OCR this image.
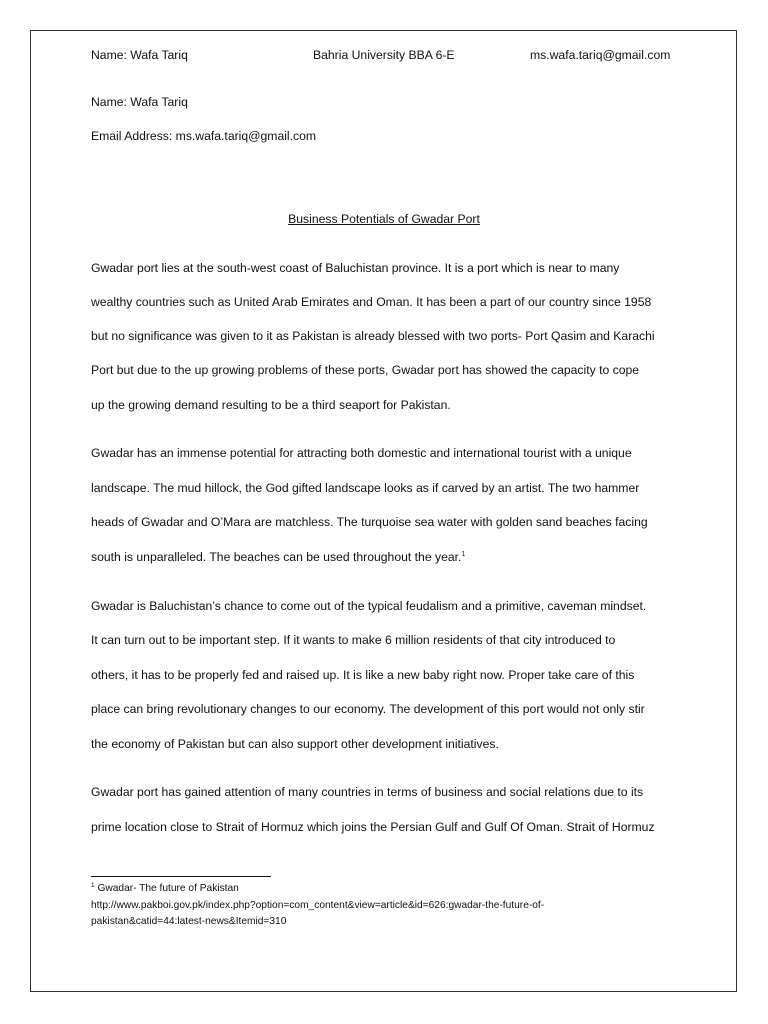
Name: Wafa Tariq	Bahria University BBA 6-E	ms.wafa.tariq@gmail.com
Name: Wafa Tariq
Email Address: ms.wafa.tariq@gmail.com
Business Potentials of Gwadar Port
Gwadar port lies at the south-west coast of Baluchistan province. It is a port which is near to many
wealthy countries such as United Arab Emirates and Oman. It has been a part of our country since 1958
but no significance was given to it as Pakistan is already blessed with two ports- Port Qasim and Karachi
Port but due to the up growing problems of these ports, Gwadar port has showed the capacity to cope
up the growing demand resulting to be a third seaport for Pakistan.
Gwadar has an immense potential for attracting both domestic and international tourist with a unique
landscape. The mud hillock, the God gifted landscape looks as if carved by an artist. The two hammer
heads of Gwadar and O’Mara are matchless. The turquoise sea water with golden sand beaches facing
south is unparalleled. The beaches can be used throughout the year.$^1$
Gwadar is Baluchistan’s chance to come out of the typical feudalism and a primitive, caveman mindset.
It can turn out to be important step. If it wants to make 6 million residents of that city introduced to
others, it has to be properly fed and raised up. It is like a new baby right now. Proper take care of this
place can bring revolutionary changes to our economy. The development of this port would not only stir
the economy of Pakistan but can also support other development initiatives.
Gwadar port has gained attention of many countries in terms of business and social relations due to its
prime location close to Strait of Hormuz which joins the Persian Gulf and Gulf Of Oman. Strait of Hormuz
$^1$ Gwadar- The future of Pakistan
http://www.pakboi.gov.pk/index.php?option=com_content&view=article&id=626:gwadar-the-future-of-
pakistan&catid=44:latest-news&Itemid=310
